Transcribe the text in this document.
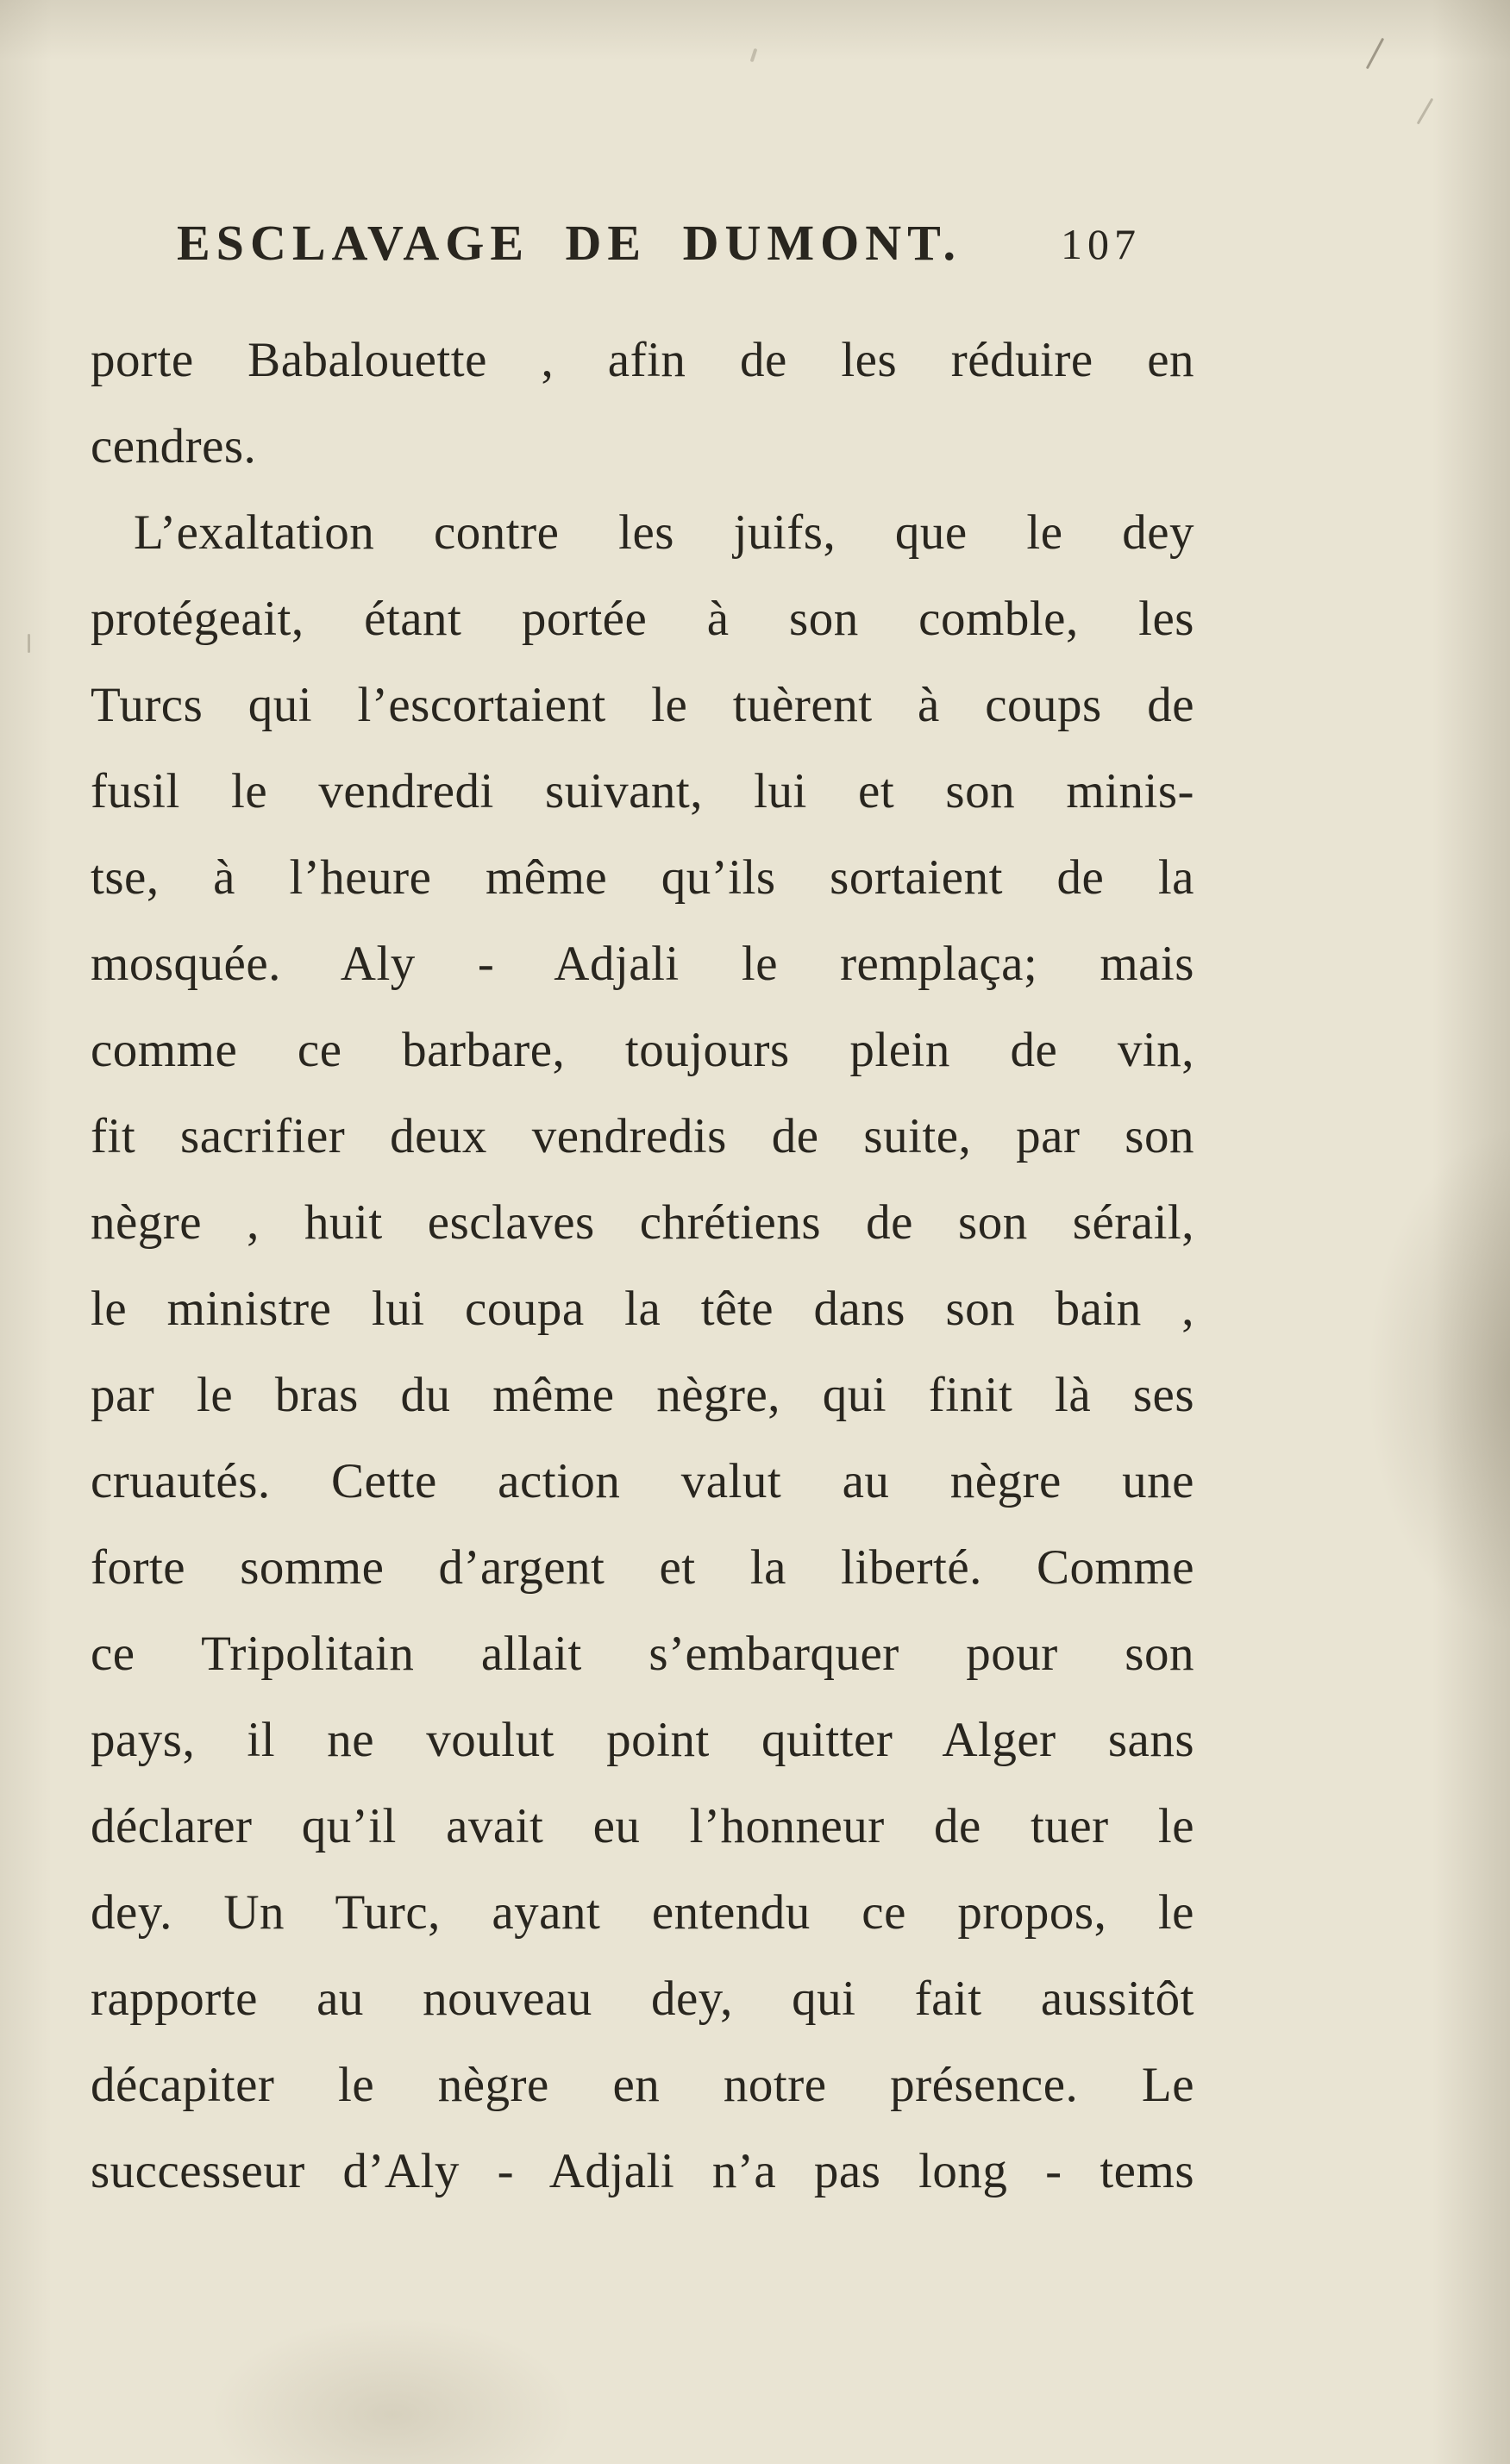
ESCLAVAGE DE DUMONT. 107
porte Babalouette , afin de les réduire en
cendres.
L’exaltation contre les juifs, que le dey
protégeait, étant portée à son comble, les
Turcs qui l’escortaient le tuèrent à coups de
fusil le vendredi suivant, lui et son minis-
tse, à l’heure même qu’ils sortaient de la
mosquée. Aly - Adjali le remplaça; mais
comme ce barbare, toujours plein de vin,
fit sacrifier deux vendredis de suite, par son
nègre , huit esclaves chrétiens de son sérail,
le ministre lui coupa la tête dans son bain ,
par le bras du même nègre, qui finit là ses
cruautés. Cette action valut au nègre une
forte somme d’argent et la liberté. Comme
ce Tripolitain allait s’embarquer pour son
pays, il ne voulut point quitter Alger sans
déclarer qu’il avait eu l’honneur de tuer le
dey. Un Turc, ayant entendu ce propos, le
rapporte au nouveau dey, qui fait aussitôt
décapiter le nègre en notre présence. Le
successeur d’Aly - Adjali n’a pas long - tems
